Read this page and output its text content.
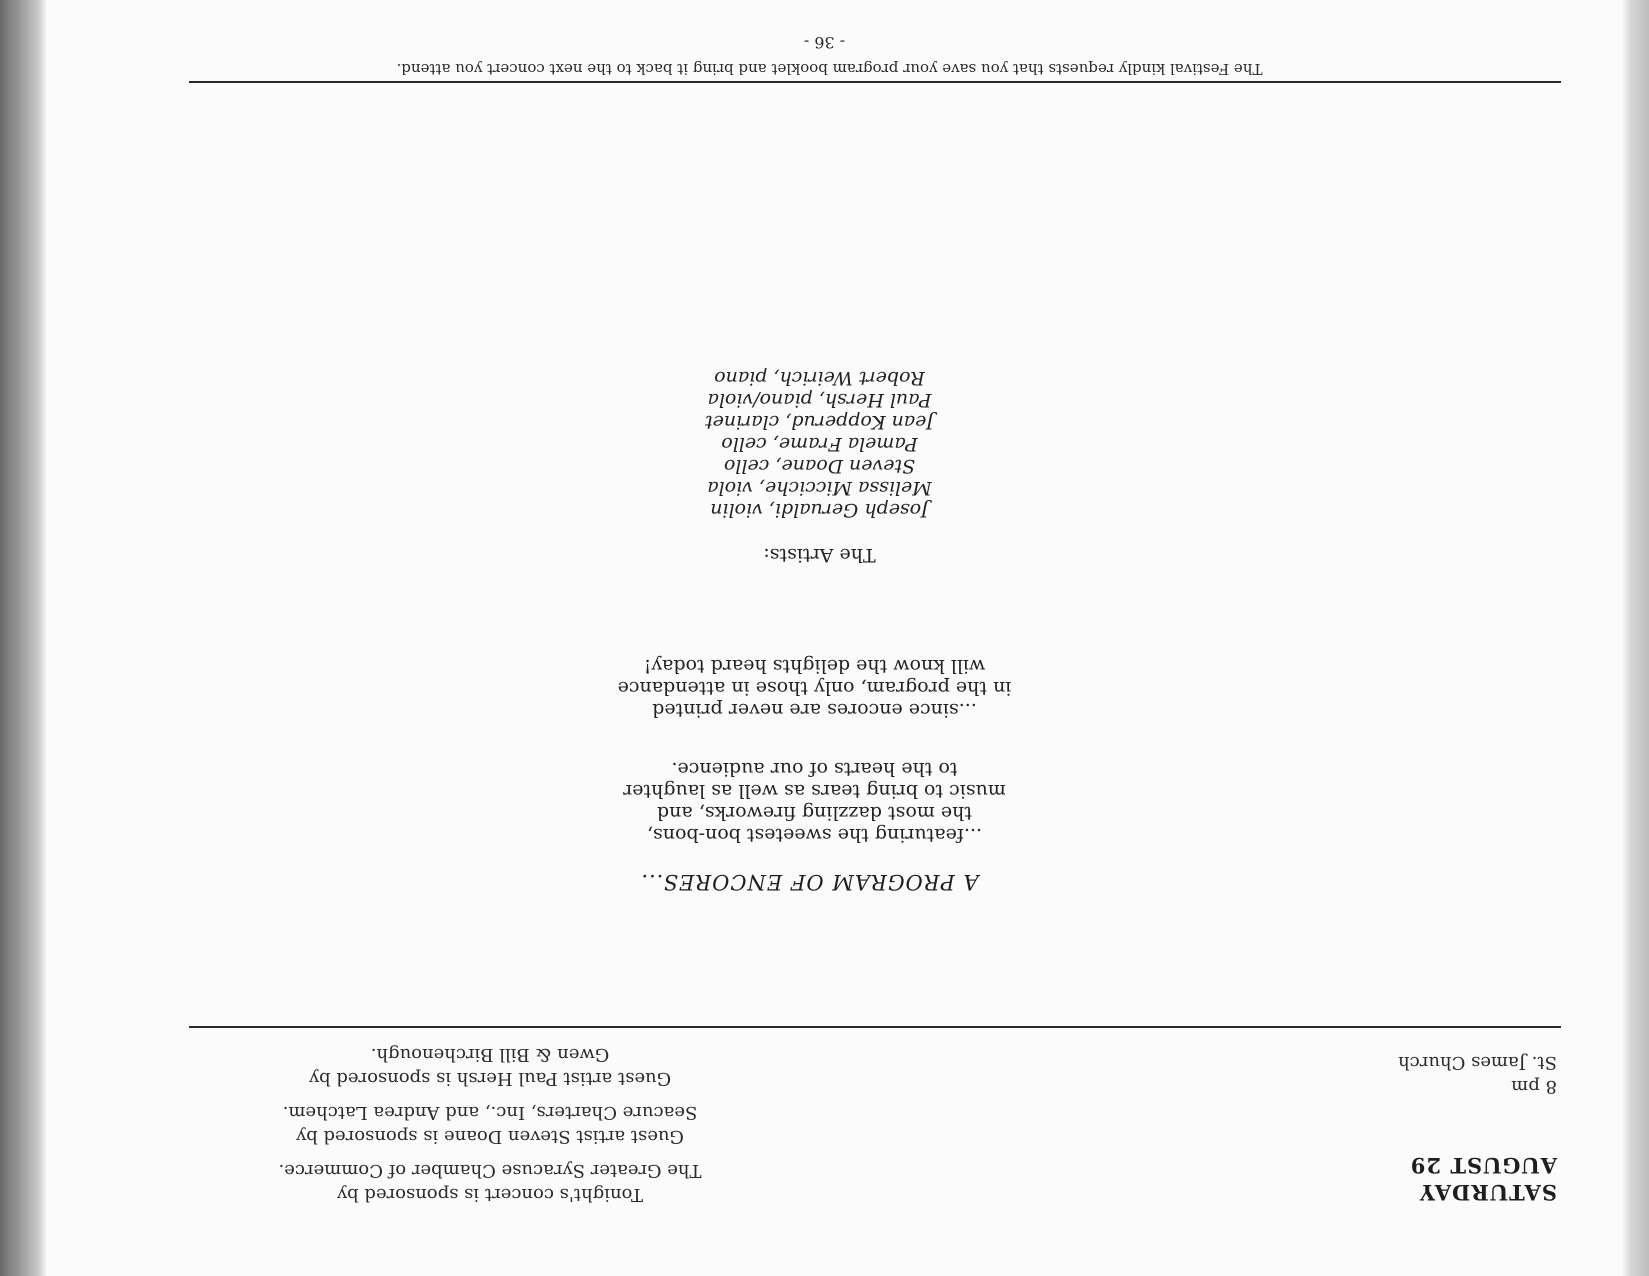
SATURDAY
AUGUST 29
8 pm
St. James Church
Tonight's concert is sponsored by
The Greater Syracuse Chamber of Commerce.
Guest artist Steven Doane is sponsored by
Seacure Charters, Inc., and Andrea Latchem.
Guest artist Paul Hersh is sponsored by
Gwen & Bill Birchenough.
A PROGRAM OF ENCORES...
...featuring the sweetest bon-bons,
the most dazzling fireworks, and
music to bring tears as well as laughter
to the hearts of our audience.
...since encores are never printed
in the program, only those in attendance
will know the delights heard today!
The Artists:
Joseph Gerualdi, violin
Melissa Micciche, viola
Steven Doane, cello
Pamela Frame, cello
Jean Kopperud, clarinet
Paul Hersh, piano/viola
Robert Weirich, piano
The Festival kindly requests that you save your program booklet and bring it back to the next concert you attend.
- 36 -
